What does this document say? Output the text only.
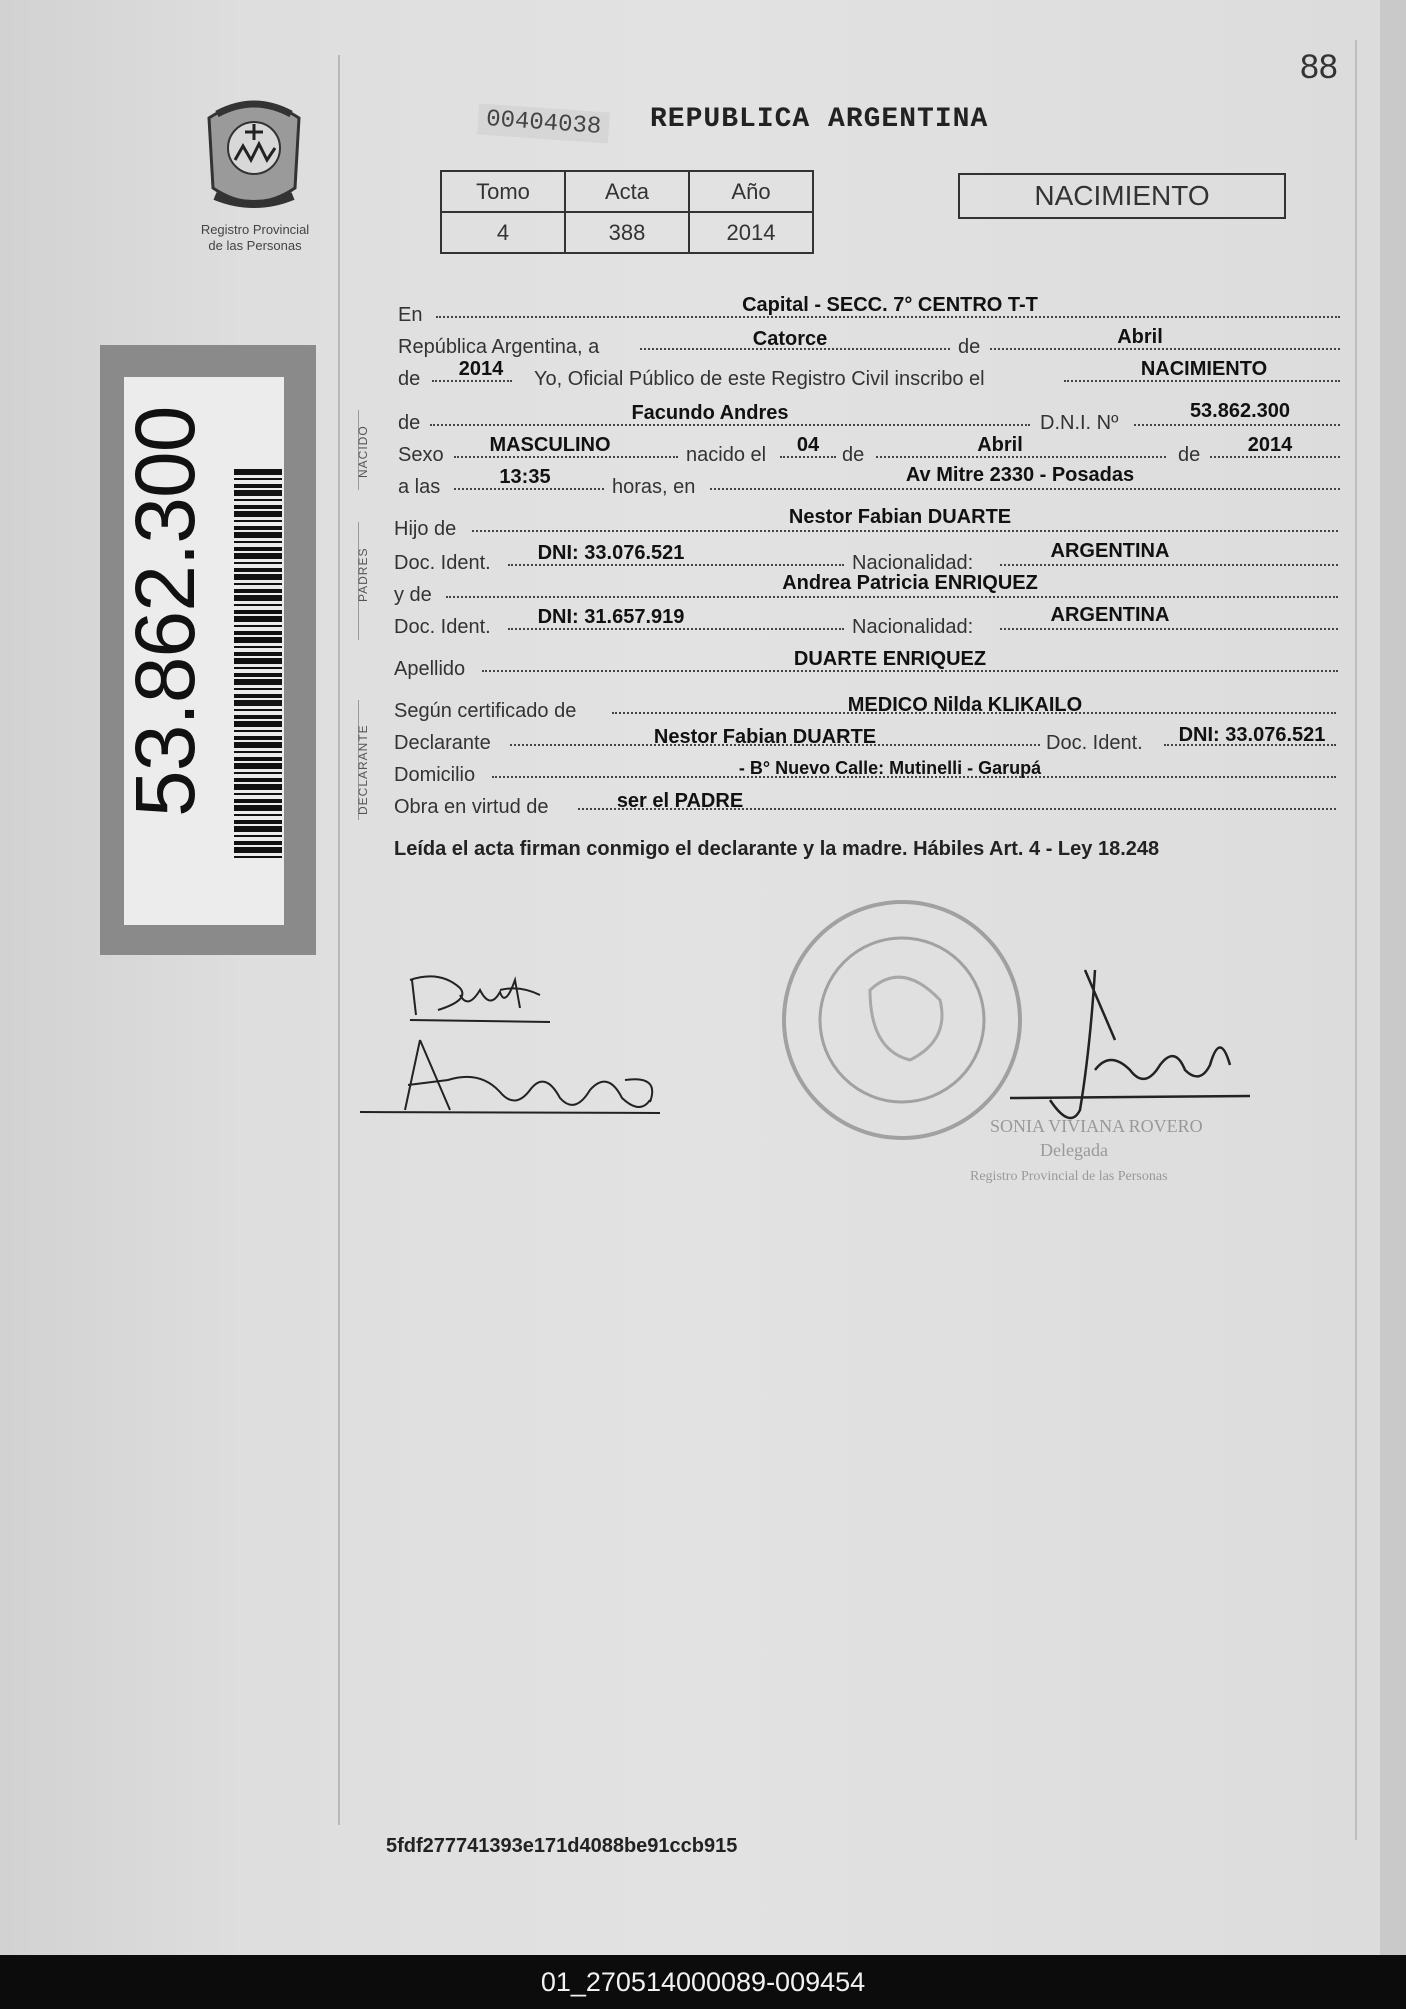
88
Registro Provincial
de las Personas
53.862.300
00404038 REPUBLICA ARGENTINA
Tomo	Acta	Año
4	388	2014
NACIMIENTO
NACIDO
PADRES
DECLARANTE
En	Capital - SECC. 7° CENTRO T-T
República Argentina, a	Catorce	de	Abril
de	2014	Yo, Oficial Público de este Registro Civil inscribo el	NACIMIENTO
de	Facundo Andres	D.N.I. Nº
53.862.300
Sexo	MASCULINO	nacido el	04	de	Abril	de	2014
a las	13:35	horas, en
Av Mitre 2330 - Posadas
Hijo de
Nestor Fabian DUARTE
Doc. Ident.	DNI: 33.076.521	Nacionalidad:
ARGENTINA
y de
Andrea Patricia ENRIQUEZ
Doc. Ident.	DNI: 31.657.919	Nacionalidad:
ARGENTINA
Apellido	DUARTE ENRIQUEZ
Según certificado de	MEDICO Nilda KLIKAILO
Declarante	Nestor Fabian DUARTE	Doc. Ident.	DNI: 33.076.521
Domicilio	- B° Nuevo Calle: Mutinelli - Garupá
Obra en virtud de	ser el PADRE
Leída el acta firman conmigo el declarante y la madre. Hábiles Art. 4 - Ley 18.248
SONIA VIVIANA ROVERO
Delegada
Registro Provincial de las Personas
5fdf277741393e171d4088be91ccb915
01_270514000089-009454
